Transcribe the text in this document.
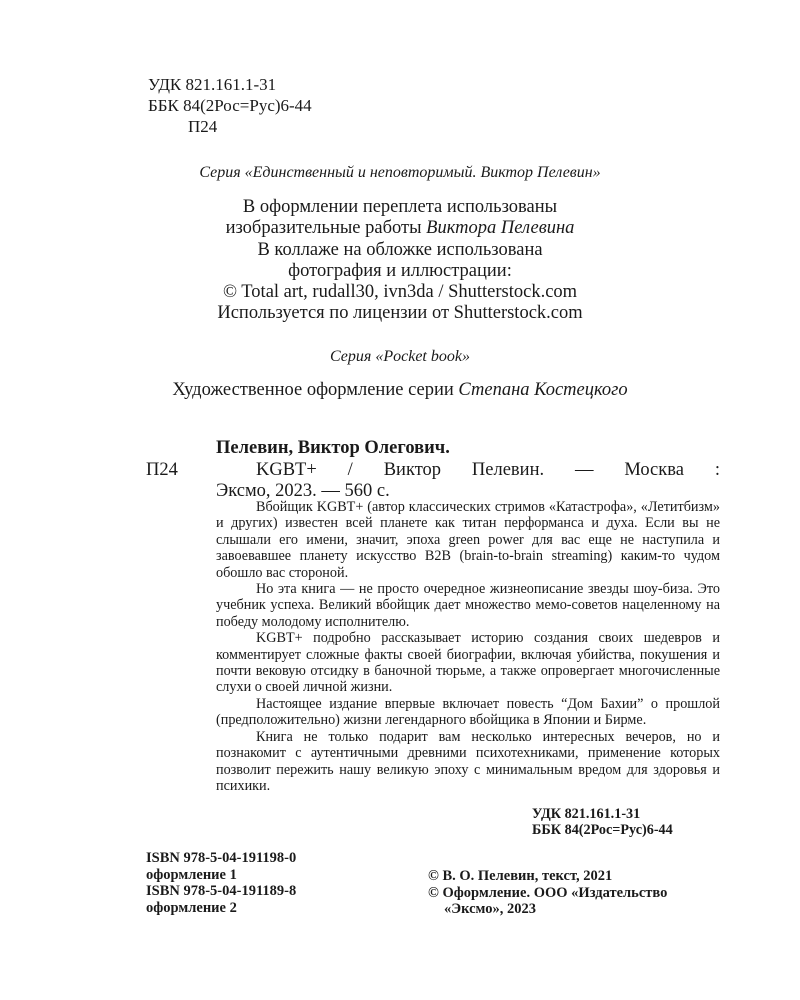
УДК 821.161.1-31
ББК 84(2Рос=Рус)6-44
П24
Серия «Единственный и неповторимый. Виктор Пелевин»
В оформлении переплета использованы
изобразительные работы Виктора Пелевина
В коллаже на обложке использована
фотография и иллюстрации:
© Total art, rudall30, ivn3da / Shutterstock.com
Используется по лицензии от Shutterstock.com
Серия «Pocket book»
Художественное оформление серии Степана Костецкого
Пелевин, Виктор Олегович.
П24	KGBT+ / Виктор Пелевин. — Москва :
Эксмо, 2023. — 560 с.

Вбойщик KGBT+ (автор классических стримов «Катастрофа», «Летитбизм» и других) известен всей планете как титан перформанса и духа. Если вы не слышали его имени, значит, эпоха green power для вас еще не наступила и завоевавшее планету искусство B2B (brain-to-brain streaming) каким-то чудом обошло вас стороной.

Но эта книга — не просто очередное жизнеописание звезды шоу-биза. Это учебник успеха. Великий вбойщик дает множество мемо-советов нацеленному на победу молодому исполнителю.

KGBT+ подробно рассказывает историю создания своих шедевров и комментирует сложные факты своей биографии, включая убийства, покушения и почти вековую отсидку в баночной тюрьме, а также опровергает многочисленные слухи о своей личной жизни.

Настоящее издание впервые включает повесть “Дом Бахии” о прошлой (предположительно) жизни легендарного вбойщика в Японии и Бирме.

Книга не только подарит вам несколько интересных вечеров, но и познакомит с аутентичными древними психотехниками, применение которых позволит пережить нашу великую эпоху с минимальным вредом для здоровья и психики.

УДК 821.161.1-31
ББК 84(2Рос=Рус)6-44
ISBN 978-5-04-191198-0
оформление 1
ISBN 978-5-04-191189-8
оформление 2
© В. О. Пелевин, текст, 2021
© Оформление. ООО «Издательство
«Эксмо», 2023
